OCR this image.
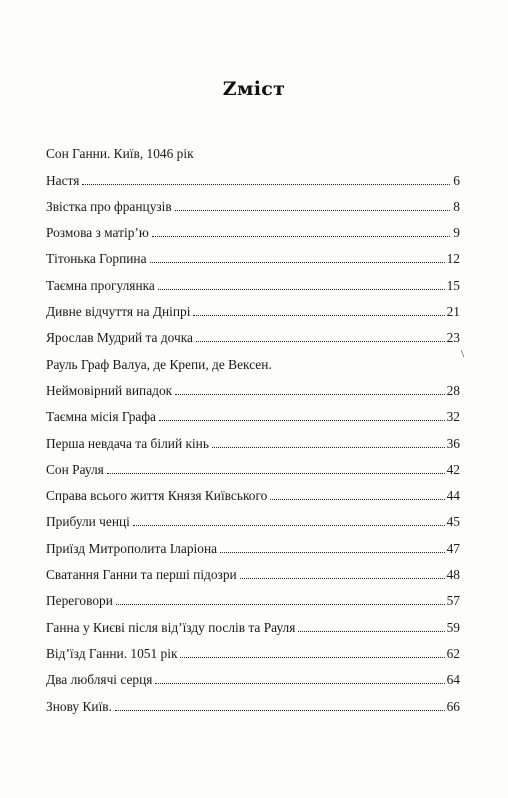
Ζміст
Сон Ганни. Київ, 1046 рік
Настя	6
Звістка про французів	8
Розмова з матір’ю	9
Тітонька Горпина	12
Таємна прогулянка	15
Дивне відчуття на Дніпрі	21
Ярослав Мудрий та дочка	23
Рауль Граф Валуа, де Крепи, де Вексен.
Неймовірний випадок	28
Таємна місія Графа	32
Перша невдача та білий кінь	36
Сон Рауля	42
Справа всього життя Князя Київського	44
Прибули ченці	45
Приїзд Митрополита Іларіона	47
Сватання Ганни та перші підозри	48
Переговори	57
Ганна у Києві після від’їзду послів та Рауля	59
Від’їзд Ганни. 1051 рік	62
Два люблячі серця	64
Знову Київ.	66
\
